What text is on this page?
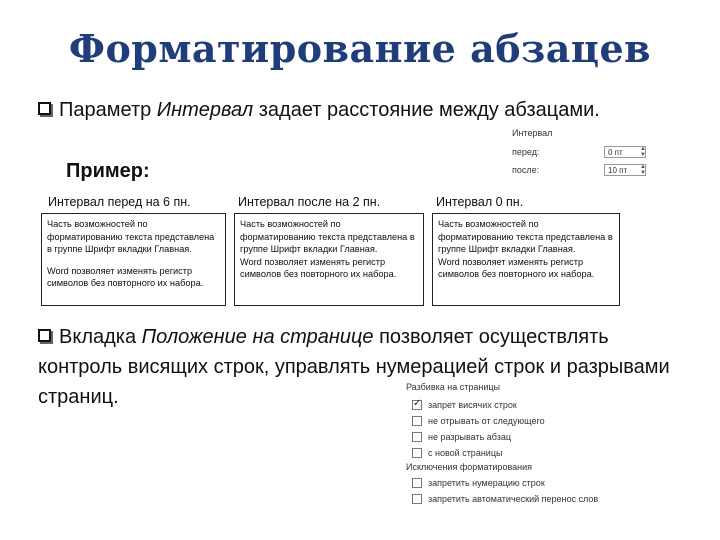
Форматирование абзацев
Параметр Интервал задает расстояние между абзацами.
Интервал
перед:	0 пт	▲
▼
после:	10 пт	▲
▼
Пример:
Интервал перед на 6 пн.	Интервал после на 2 пн.	Интервал 0 пн.

Часть возможностей по форматированию текста представлена в группе Шрифт вкладки Главная.

Word позволяет изменять регистр символов без повторного их набора.

Часть возможностей по форматированию текста представлена в группе Шрифт вкладки Главная.

Word позволяет изменять регистр символов без повторного их набора.

Часть возможностей по форматированию текста представлена в группе Шрифт вкладки Главная.

Word позволяет изменять регистр символов без повторного их набора.

Вкладка Положение на странице позволяет осуществлять контроль висящих строк, управлять нумерацией строк и разрывами страниц.	Разбивка на страницы
✓
запрет висячих строк
не отрывать от следующего
не разрывать абзац
с новой страницы
Исключения форматирования
запретить нумерацию строк
запретить автоматический перенос слов
